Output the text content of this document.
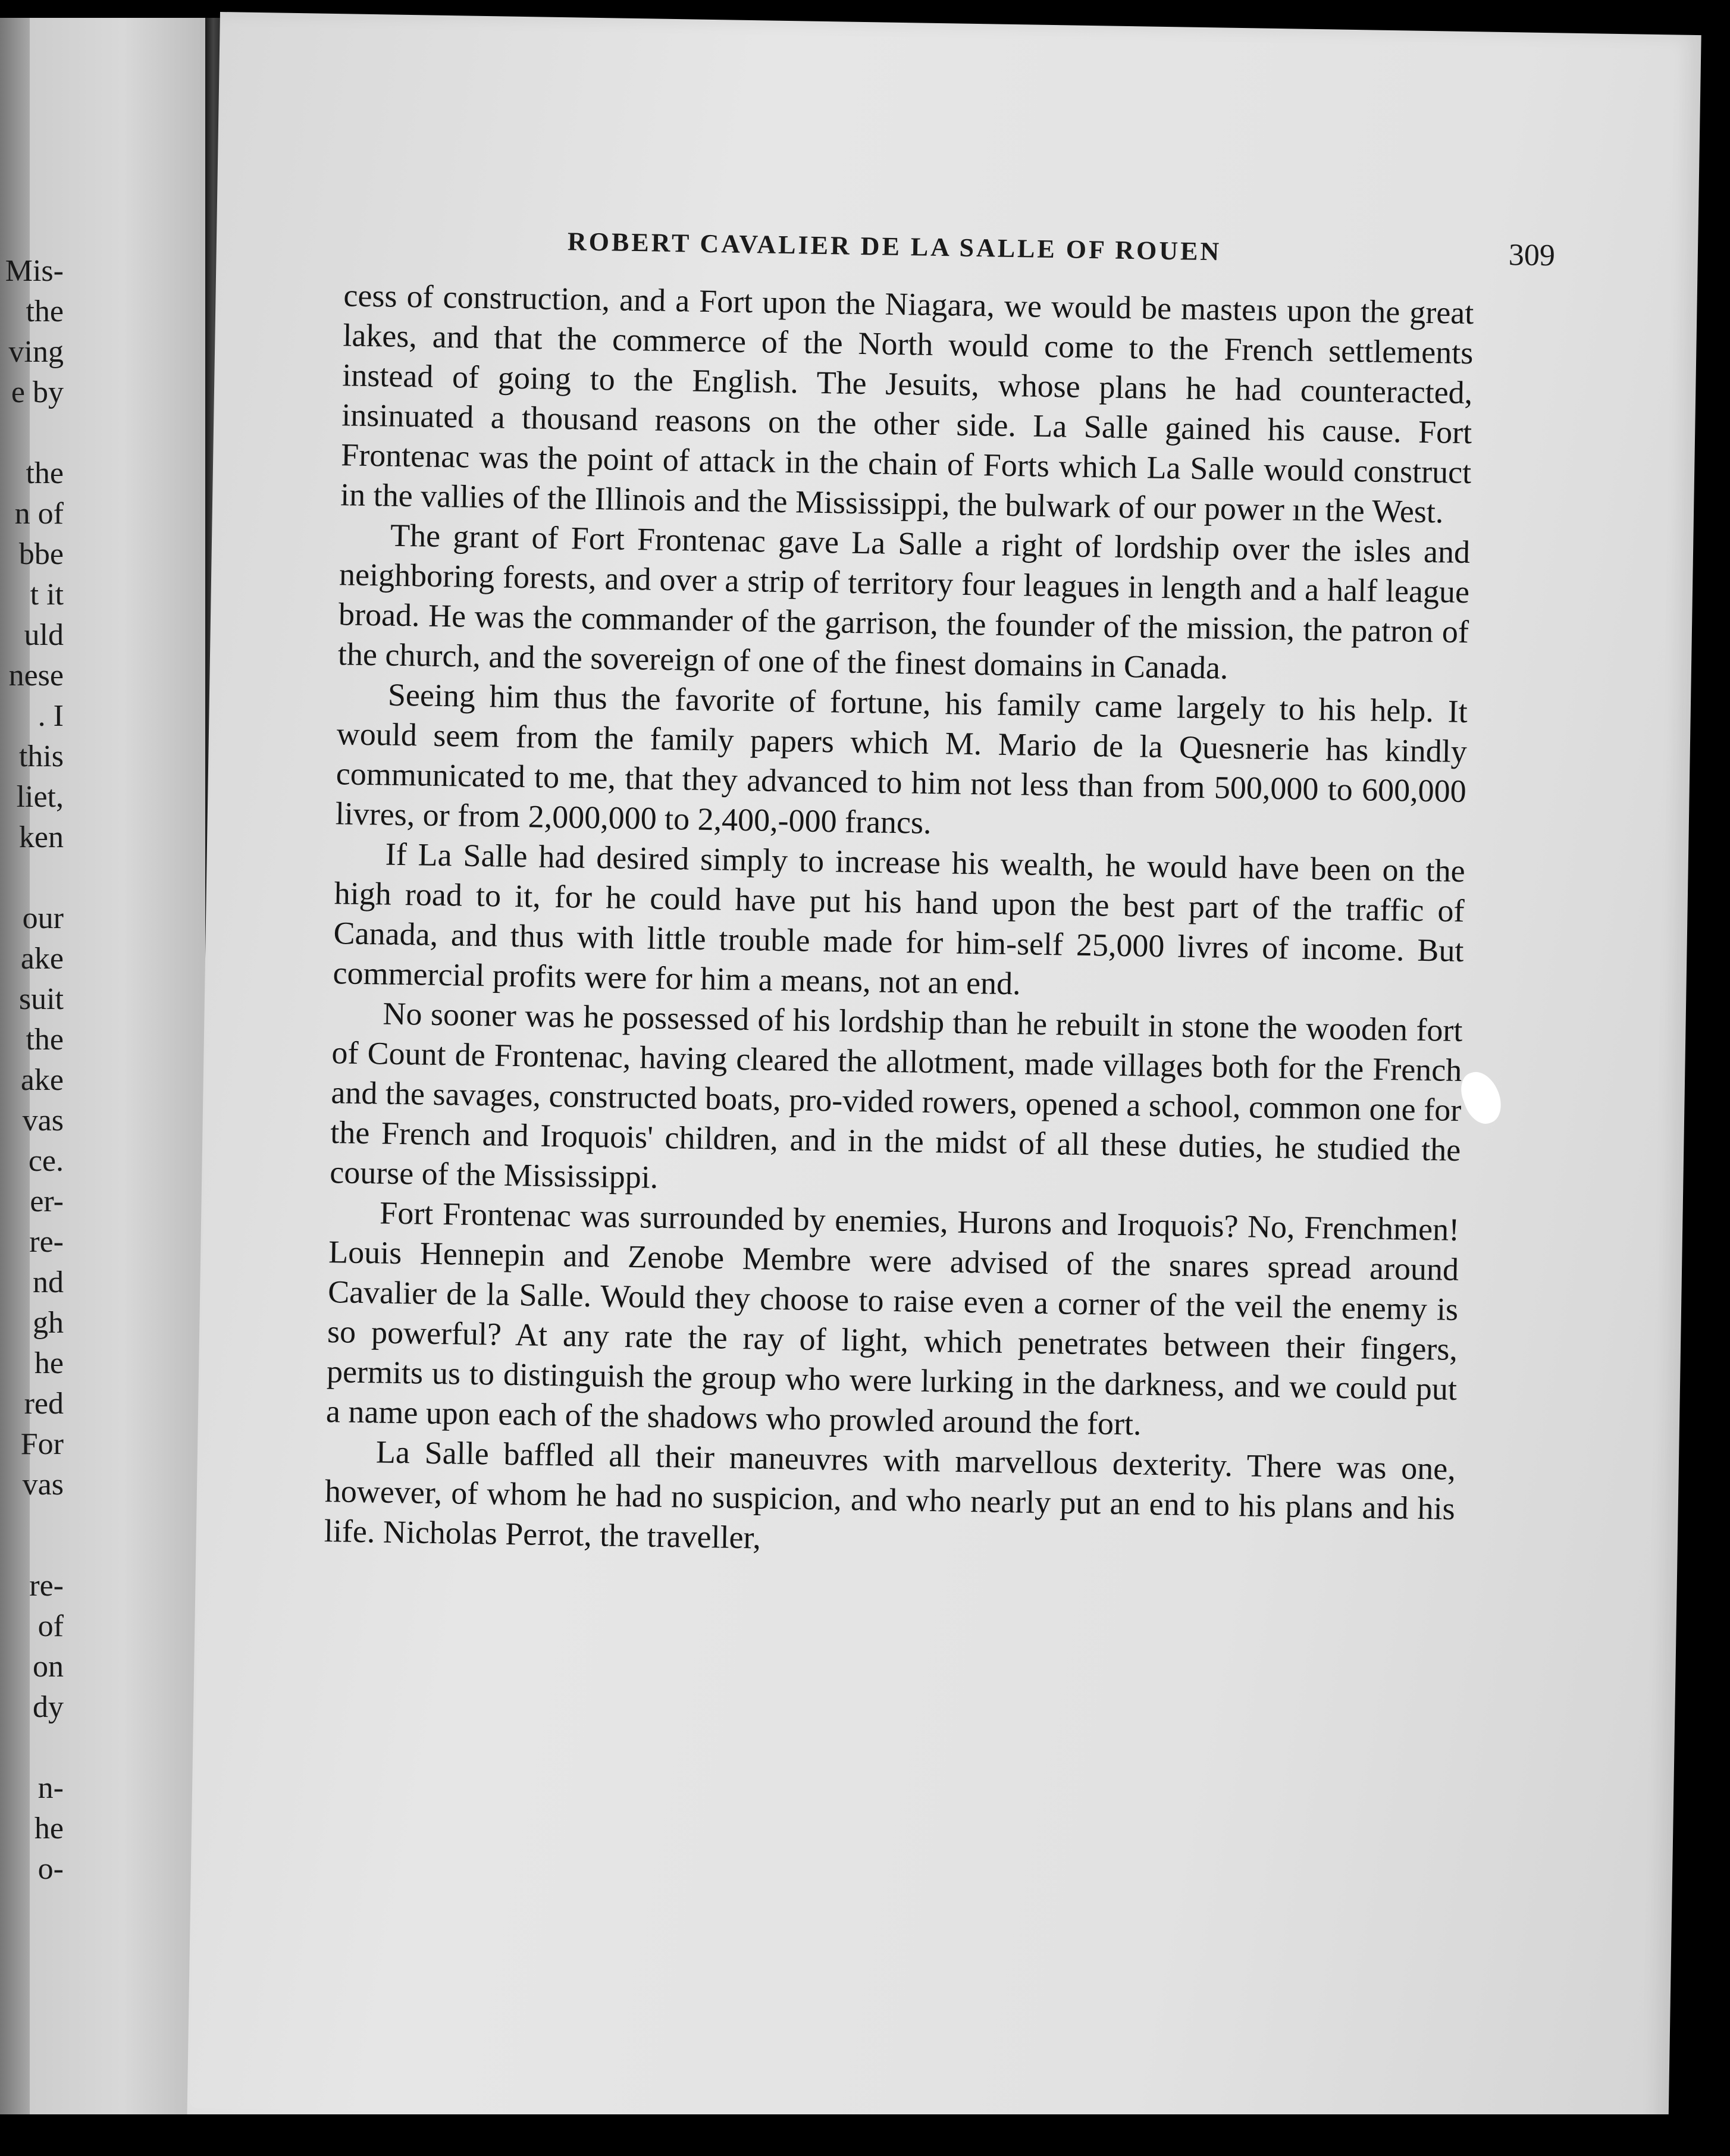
Mis-
the
ving
e by
the
n of
bbe
t it
uld
nese
. I
this
liet,
ken
our
ake
suit
the
ake
vas
ce.
er-
re-
nd
gh
he
red
For
vas
re-
of
on
dy
n-
he
o-
ROBERT CAVALIER DE LA SALLE OF ROUEN	309

cess of construction, and a Fort upon the Niagara, we would be masteıs upon the great lakes, and that the commerce of the North would come to the French settlements instead of going to the English. The Jesuits, whose plans he had counteracted, insinuated a thousand reasons on the other side. La Salle gained his cause. Fort Frontenac was the point of attack in the chain of Forts which La Salle would construct in the vallies of the Illinois and the Mississippi, the bulwark of our power ın the West.

The grant of Fort Frontenac gave La Salle a right of lordship over the isles and neighboring forests, and over a strip of territory four leagues in length and a half league broad. He was the commander of the garrison, the founder of the mission, the patron of the church, and the sovereign of one of the finest domains in Canada.

Seeing him thus the favorite of fortune, his family came largely to his help. It would seem from the family papers which M. Mario de la Quesnerie has kindly communicated to me, that they advanced to him not less than from 500,000 to 600,000 livres, or from 2,000,000 to 2,400,-000 francs.

If La Salle had desired simply to increase his wealth, he would have been on the high road to it, for he could have put his hand upon the best part of the traffic of Canada, and thus with little trouble made for him-self 25,000 livres of income. But commercial profits were for him a means, not an end.

No sooner was he possessed of his lordship than he rebuilt in stone the wooden fort of Count de Frontenac, having cleared the allotment, made villages both for the French and the savages, constructed boats, pro-vided rowers, opened a school, common one for the French and Iroquois' children, and in the midst of all these duties, he studied the course of the Mississippi.

Fort Frontenac was surrounded by enemies, Hurons and Iroquois? No, Frenchmen! Louis Hennepin and Zenobe Membre were advised of the snares spread around Cavalier de la Salle. Would they choose to raise even a corner of the veil the enemy is so powerful? At any rate the ray of light, which penetrates between their fingers, permits us to distinguish the group who were lurking in the darkness, and we could put a name upon each of the shadows who prowled around the fort.

La Salle baffled all their maneuvres with marvellous dexterity. There was one, however, of whom he had no suspicion, and who nearly put an end to his plans and his life. Nicholas Perrot, the traveller,
